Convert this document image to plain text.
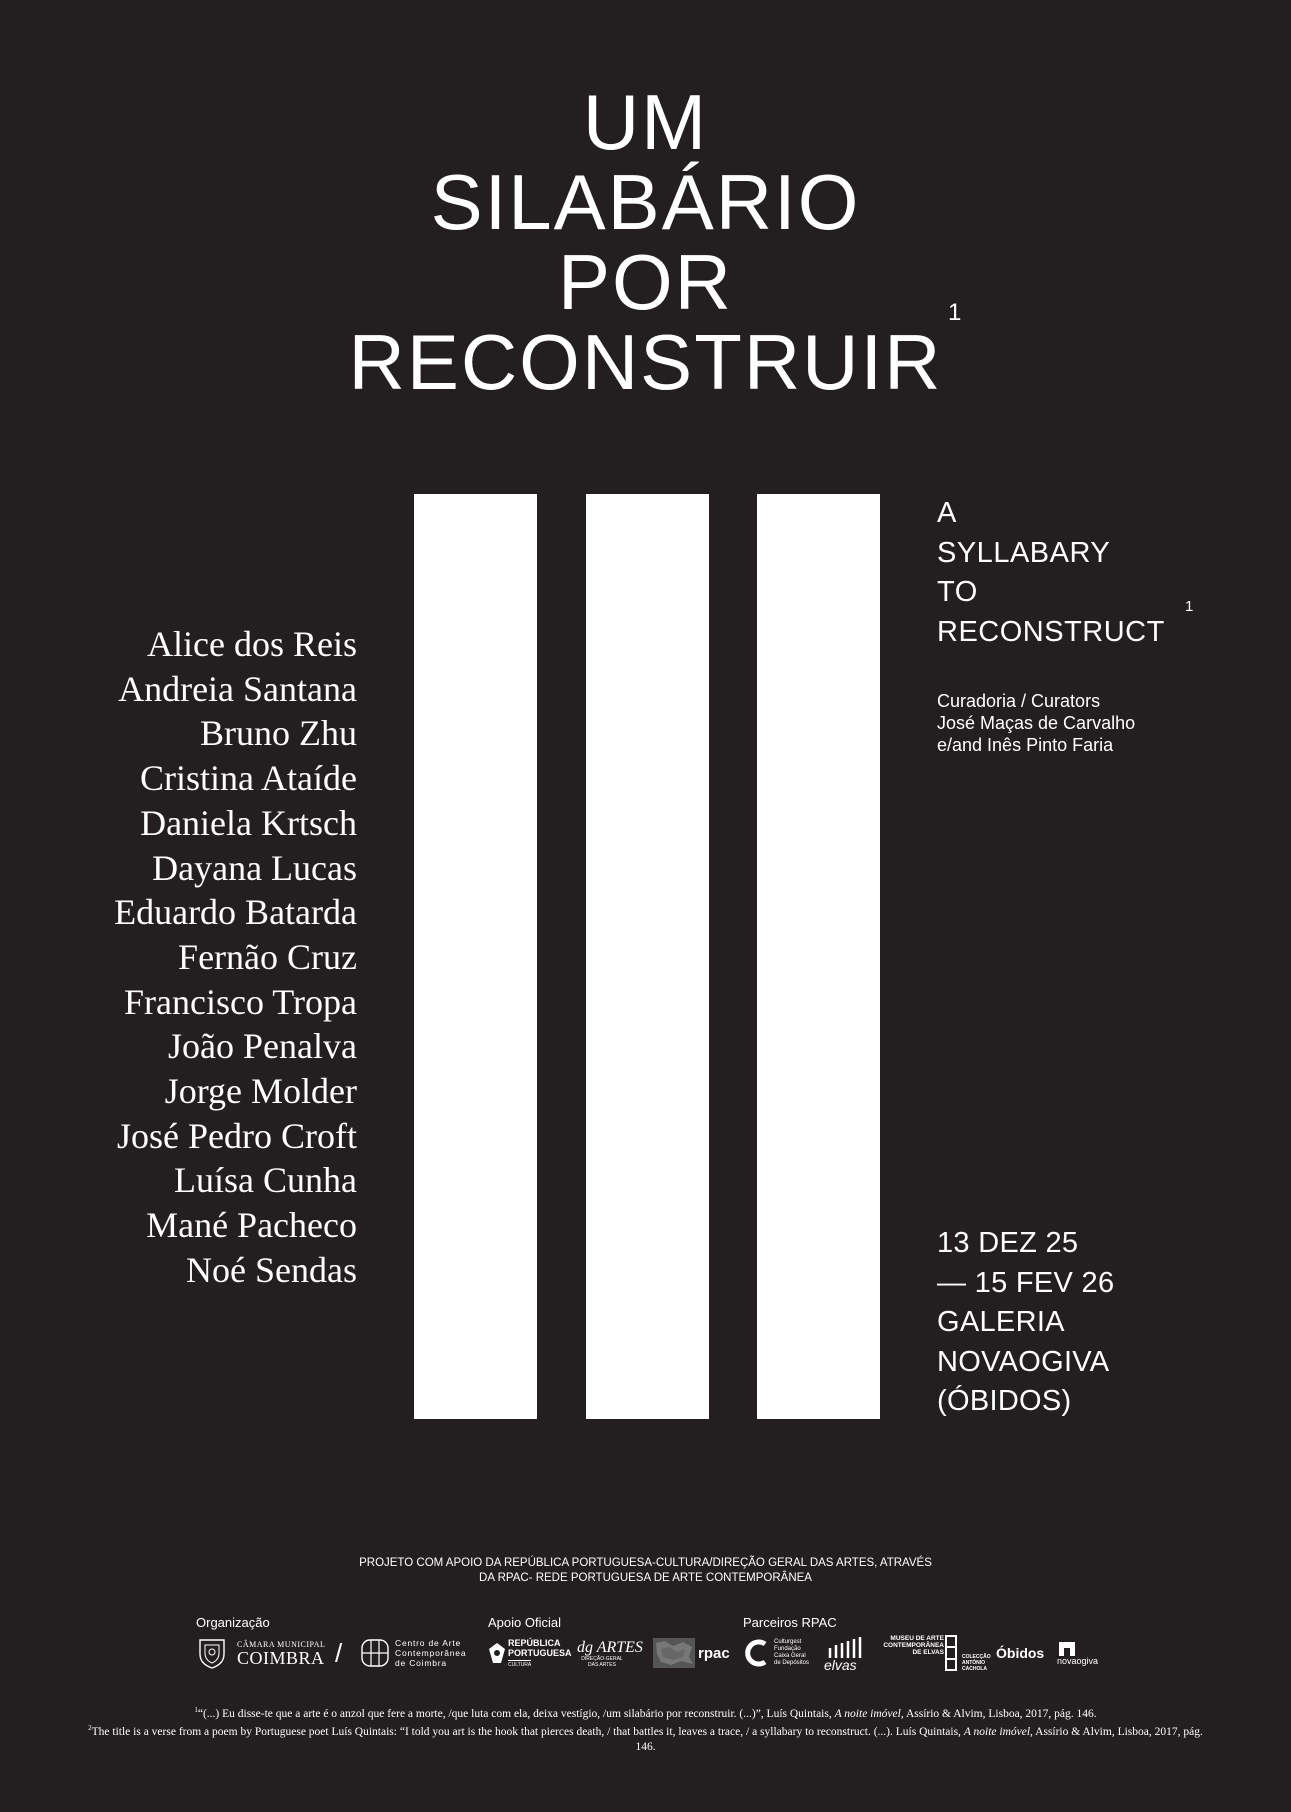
UM
SILABÁRIO
POR
RECONSTRUIR
1
A
SYLLABARY
TO
RECONSTRUCT
1
Curadoria / Curators
José Maças de Carvalho
e/and Inês Pinto Faria
Alice dos Reis
Andreia Santana
Bruno Zhu
Cristina Ataíde
Daniela Krtsch
Dayana Lucas
Eduardo Batarda
Fernão Cruz
Francisco Tropa
João Penalva
Jorge Molder
José Pedro Croft
Luísa Cunha
Mané Pacheco
Noé Sendas
13 DEZ 25
— 15 FEV 26
GALERIA
NOVAOGIVA
(ÓBIDOS)
PROJETO COM APOIO DA REPÚBLICA PORTUGUESA-CULTURA/DIREÇÃO GERAL DAS ARTES, ATRAVÉS
DA RPAC- REDE PORTUGUESA DE ARTE CONTEMPORÂNEA
Organização	Apoio Oficial	Parceiros RPAC
CÂMARA MUNICIPAL
COIMBRA /	Centro de Arte
Contemporânea
de Coimbra
REPÚBLICA
PORTUGUESA
CULTURA
dg ARTES
DIREÇÃO-GERAL DAS ARTES
rpac
Culturgest
Fundação
Caixa Geral
de Depósitos elvas
MUSEU DE ARTE
CONTEMPORÂNEA
DE ELVAS
COLECÇÃO
ANTÓNIO
CACHOLA
Óbidos	novaogiva
$^1$“(...) Eu disse-te que a arte é o anzol que fere a morte, /que luta com ela, deixa vestígio, /um silabário por reconstruir. (...)”, Luís Quintais, A noite imóvel, Assírio & Alvim, Lisboa, 2017, pág. 146.
$^2$The title is a verse from a poem by Portuguese poet Luís Quintais: “I told you art is the hook that pierces death, / that battles it, leaves a trace, / a syllabary to reconstruct. (...). Luís Quintais, A noite imóvel, Assírio & Alvim, Lisboa, 2017, pág. 146.
